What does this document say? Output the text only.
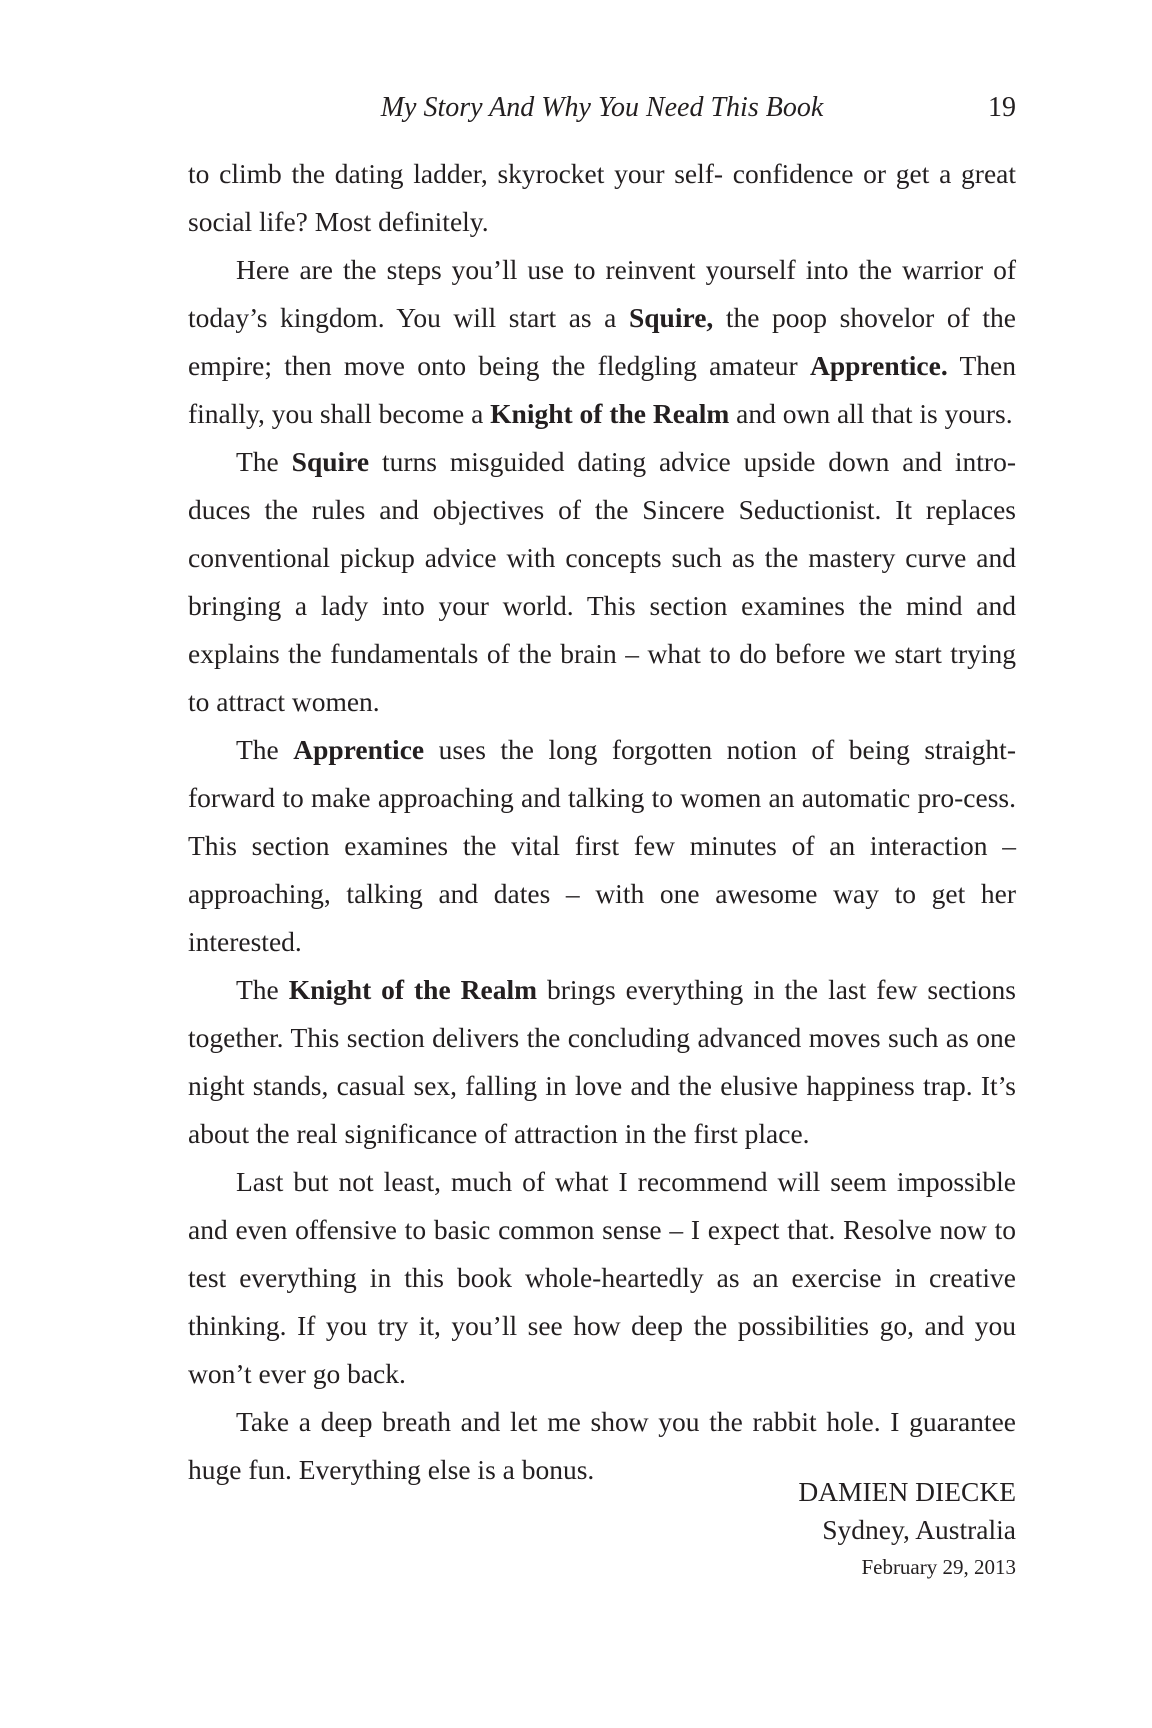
My Story And Why You Need This Book	19

to climb the dating ladder, skyrocket your self- confidence or get a great social life? Most definitely.

Here are the steps you’ll use to reinvent yourself into the warrior of today’s kingdom. You will start as a Squire, the poop shovelor of the empire; then move onto being the fledgling amateur Apprentice. Then finally, you shall become a Knight of the Realm and own all that is yours.

The Squire turns misguided dating advice upside down and intro-duces the rules and objectives of the Sincere Seductionist. It replaces conventional pickup advice with concepts such as the mastery curve and bringing a lady into your world. This section examines the mind and explains the fundamentals of the brain – what to do before we start trying to attract women.

The Apprentice uses the long forgotten notion of being straight-forward to make approaching and talking to women an automatic pro-cess. This section examines the vital first few minutes of an interaction – approaching, talking and dates – with one awesome way to get her interested.

The Knight of the Realm brings everything in the last few sections together. This section delivers the concluding advanced moves such as one night stands, casual sex, falling in love and the elusive happiness trap. It’s about the real significance of attraction in the first place.

Last but not least, much of what I recommend will seem impossible and even offensive to basic common sense – I expect that. Resolve now to test everything in this book whole-heartedly as an exercise in creative thinking. If you try it, you’ll see how deep the possibilities go, and you won’t ever go back.

Take a deep breath and let me show you the rabbit hole. I guarantee huge fun. Everything else is a bonus.

DAMIEN DIECKE
Sydney, Australia
February 29, 2013
